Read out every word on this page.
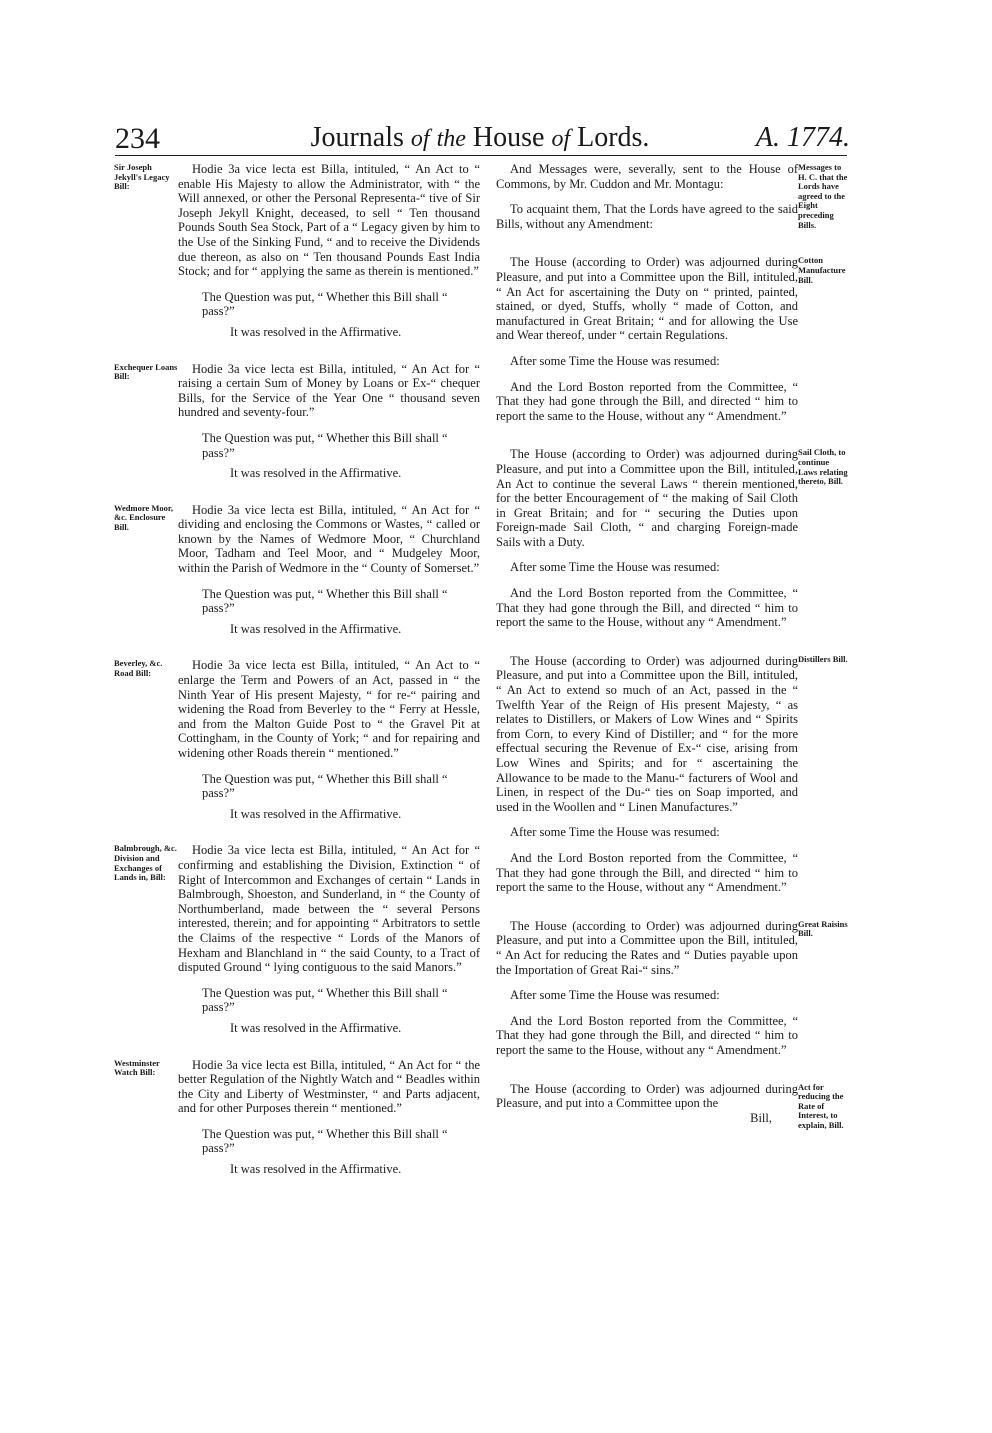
234	Journals of the House of Lords.	A. 1774.
Sir Joseph Jekyll's Legacy Bill:

Hodie 3a vice lecta est Billa, intituled, “ An Act to “ enable His Majesty to allow the Administrator, with “ the Will annexed, or other the Personal Representa-“ tive of Sir Joseph Jekyll Knight, deceased, to sell “ Ten thousand Pounds South Sea Stock, Part of a “ Legacy given by him to the Use of the Sinking Fund, “ and to receive the Dividends due thereon, as also on “ Ten thousand Pounds East India Stock; and for “ applying the same as therein is mentioned.”

The Question was put, “ Whether this Bill shall “ pass?”

It was resolved in the Affirmative.

Exchequer Loans Bill:

Hodie 3a vice lecta est Billa, intituled, “ An Act for “ raising a certain Sum of Money by Loans or Ex-“ chequer Bills, for the Service of the Year One “ thousand seven hundred and seventy-four.”

The Question was put, “ Whether this Bill shall “ pass?”

It was resolved in the Affirmative.

Wedmore Moor, &c. Enclosure Bill.

Hodie 3a vice lecta est Billa, intituled, “ An Act for “ dividing and enclosing the Commons or Wastes, “ called or known by the Names of Wedmore Moor, “ Churchland Moor, Tadham and Teel Moor, and “ Mudgeley Moor, within the Parish of Wedmore in the “ County of Somerset.”

The Question was put, “ Whether this Bill shall “ pass?”

It was resolved in the Affirmative.

Beverley, &c. Road Bill:

Hodie 3a vice lecta est Billa, intituled, “ An Act to “ enlarge the Term and Powers of an Act, passed in “ the Ninth Year of His present Majesty, “ for re-“ pairing and widening the Road from Beverley to the “ Ferry at Hessle, and from the Malton Guide Post to “ the Gravel Pit at Cottingham, in the County of York; “ and for repairing and widening other Roads therein “ mentioned.”

The Question was put, “ Whether this Bill shall “ pass?”

It was resolved in the Affirmative.

Balmbrough, &c. Division and Exchanges of Lands in, Bill:

Hodie 3a vice lecta est Billa, intituled, “ An Act for “ confirming and establishing the Division, Extinction “ of Right of Intercommon and Exchanges of certain “ Lands in Balmbrough, Shoeston, and Sunderland, in “ the County of Northumberland, made between the “ several Persons interested, therein; and for appointing “ Arbitrators to settle the Claims of the respective “ Lords of the Manors of Hexham and Blanchland in “ the said County, to a Tract of disputed Ground “ lying contiguous to the said Manors.”

The Question was put, “ Whether this Bill shall “ pass?”

It was resolved in the Affirmative.

Westminster Watch Bill:

Hodie 3a vice lecta est Billa, intituled, “ An Act for “ the better Regulation of the Nightly Watch and “ Beadles within the City and Liberty of Westminster, “ and Parts adjacent, and for other Purposes therein “ mentioned.”

The Question was put, “ Whether this Bill shall “ pass?”

It was resolved in the Affirmative.

Messages to H. C. that the Lords have agreed to the Eight preceding Bills.

And Messages were, severally, sent to the House of Commons, by Mr. Cuddon and Mr. Montagu:

To acquaint them, That the Lords have agreed to the said Bills, without any Amendment:

Cotton Manufacture Bill.

The House (according to Order) was adjourned during Pleasure, and put into a Committee upon the Bill, intituled, “ An Act for ascertaining the Duty on “ printed, painted, stained, or dyed, Stuffs, wholly “ made of Cotton, and manufactured in Great Britain; “ and for allowing the Use and Wear thereof, under “ certain Regulations.

After some Time the House was resumed:

And the Lord Boston reported from the Committee, “ That they had gone through the Bill, and directed “ him to report the same to the House, without any “ Amendment.”

Sail Cloth, to continue Laws relating thereto, Bill.

The House (according to Order) was adjourned during Pleasure, and put into a Committee upon the Bill, intituled, An Act to continue the several Laws “ therein mentioned, for the better Encouragement of “ the making of Sail Cloth in Great Britain; and for “ securing the Duties upon Foreign-made Sail Cloth, “ and charging Foreign-made Sails with a Duty.

After some Time the House was resumed:

And the Lord Boston reported from the Committee, “ That they had gone through the Bill, and directed “ him to report the same to the House, without any “ Amendment.”

Distillers Bill.

The House (according to Order) was adjourned during Pleasure, and put into a Committee upon the Bill, intituled, “ An Act to extend so much of an Act, passed in the “ Twelfth Year of the Reign of His present Majesty, “ as relates to Distillers, or Makers of Low Wines and “ Spirits from Corn, to every Kind of Distiller; and “ for the more effectual securing the Revenue of Ex-“ cise, arising from Low Wines and Spirits; and for “ ascertaining the Allowance to be made to the Manu-“ facturers of Wool and Linen, in respect of the Du-“ ties on Soap imported, and used in the Woollen and “ Linen Manufactures.”

After some Time the House was resumed:

And the Lord Boston reported from the Committee, “ That they had gone through the Bill, and directed “ him to report the same to the House, without any “ Amendment.”

Great Raisins Bill.

The House (according to Order) was adjourned during Pleasure, and put into a Committee upon the Bill, intituled, “ An Act for reducing the Rates and “ Duties payable upon the Importation of Great Rai-“ sins.”

After some Time the House was resumed:

And the Lord Boston reported from the Committee, “ That they had gone through the Bill, and directed “ him to report the same to the House, without any “ Amendment.”

Act for reducing the Rate of Interest, to explain, Bill.

The House (according to Order) was adjourned during Pleasure, and put into a Committee upon the

Bill,
